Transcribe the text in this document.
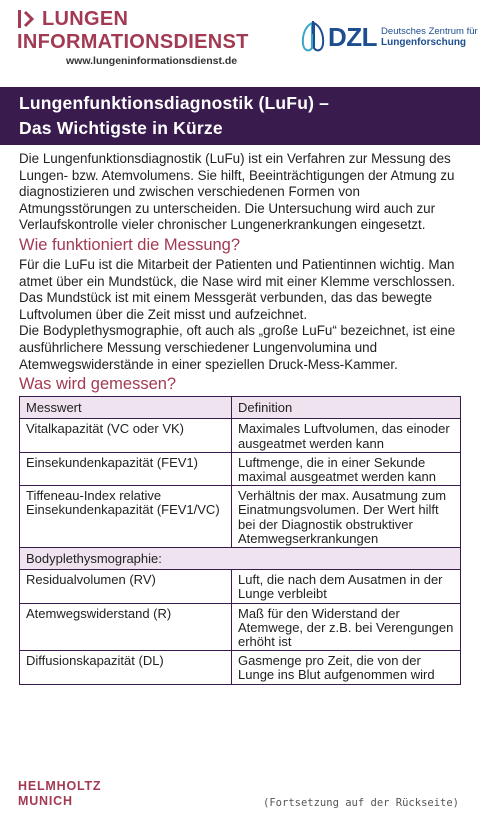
LUNGEN
INFORMATIONSDIENST
www.lungeninformationsdienst.de
DZL Deutsches Zentrum für
Lungenforschung
Lungenfunktionsdiagnostik (LuFu) –
Das Wichtigste in Kürze

Die Lungenfunktionsdiagnostik (LuFu) ist ein Verfahren zur Messung des Lungen- bzw. Atemvolumens. Sie hilft, Beeinträchtigungen der Atmung zu diagnostizieren und zwischen verschiedenen Formen von Atmungsstörungen zu unterscheiden. Die Untersuchung wird auch zur Verlaufskontrolle vieler chronischer Lungenerkrankungen eingesetzt.

Wie funktioniert die Messung?

Für die LuFu ist die Mitarbeit der Patienten und Patientinnen wichtig. Man atmet über ein Mundstück, die Nase wird mit einer Klemme verschlossen. Das Mundstück ist mit einem Messgerät verbunden, das das bewegte Luftvolumen über die Zeit misst und aufzeichnet.

Die Bodyplethysmographie, oft auch als „große LuFu“ bezeichnet, ist eine ausführlichere Messung verschiedener Lungenvolumina und Atemwegswiderstände in einer speziellen Druck-Mess-Kammer.

Was wird gemessen?
Messwert	Definition
Vitalkapazität (VC oder VK)	Maximales Luftvolumen, das einoder ausgeatmet werden kann
Einsekundenkapazität (FEV1)	Luftmenge, die in einer Sekunde maximal ausgeatmet werden kann
Tiffeneau-Index relative Einsekundenkapazität (FEV1/VC)	Verhältnis der max. Ausatmung zum Einatmungsvolumen. Der Wert hilft bei der Diagnostik obstruktiver Atemwegserkrankungen
Bodyplethysmographie:	
Residualvolumen (RV)	Luft, die nach dem Ausatmen in der Lunge verbleibt
Atemwegswiderstand (R)	Maß für den Widerstand der Atemwege, der z.B. bei Verengungen erhöht ist
Diffusionskapazität (DL)	Gasmenge pro Zeit, die von der Lunge ins Blut aufgenommen wird
HELMHOLTZ
MUNICH	(Fortsetzung auf der Rückseite)
